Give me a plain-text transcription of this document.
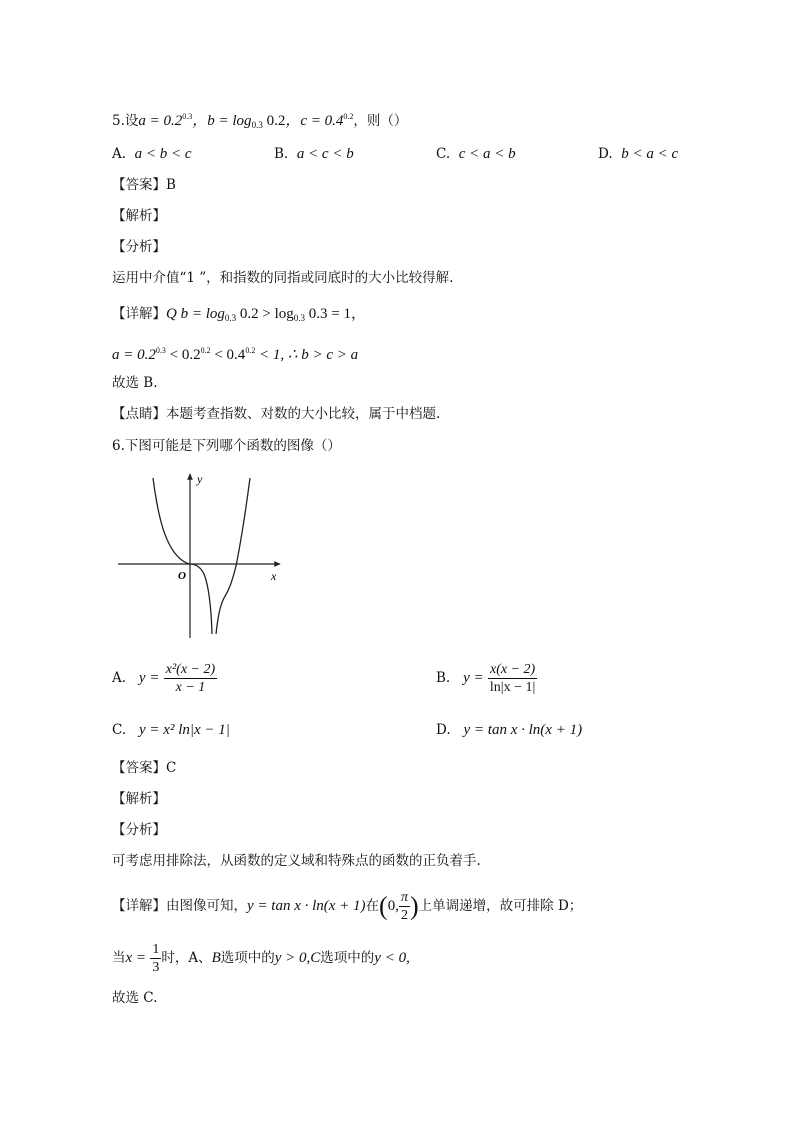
5.设$a = 0.2^{0.3}$，$b = \log_{0.3} 0.2$，$c = 0.4^{0.2}$，则（）
A. a < b < c	B. a < c < b	C. c < a < b	D. b < a < c
【答案】B
【解析】
【分析】
运用中介值“1 ”，和指数的同指或同底时的大小比较得解.
【详解】Q $b = \log_{0.3} 0.2 > \log_{0.3} 0.3 = 1$，
$a = 0.2^{0.3} < 0.2^{0.2} < 0.4^{0.2} < 1$, ∴ b > c > a
故选 B.
【点睛】本题考查指数、对数的大小比较，属于中档题.
6.下图可能是下列哪个函数的图像（）
x
y
O
A. $y = \frac{\text{x²(x − 2)}}{x - 1}$	B. $y = \frac{x(x - 2)}{\ln|x - 1|}$
C. y = x² ln|x − 1|	D. y = tan x · ln(x + 1)
【答案】C
【解析】
【分析】
可考虑用排除法，从函数的定义域和特殊点的函数的正负着手.
【详解】由图像可知，y = tan x · ln(x + 1)在(0, $\frac{\pi}{2}$ )上单调递增，故可排除 D；
当$x = \frac{1}{3}$ 时，A、B选项中的y > 0,C选项中的y < 0,
故选 C.
